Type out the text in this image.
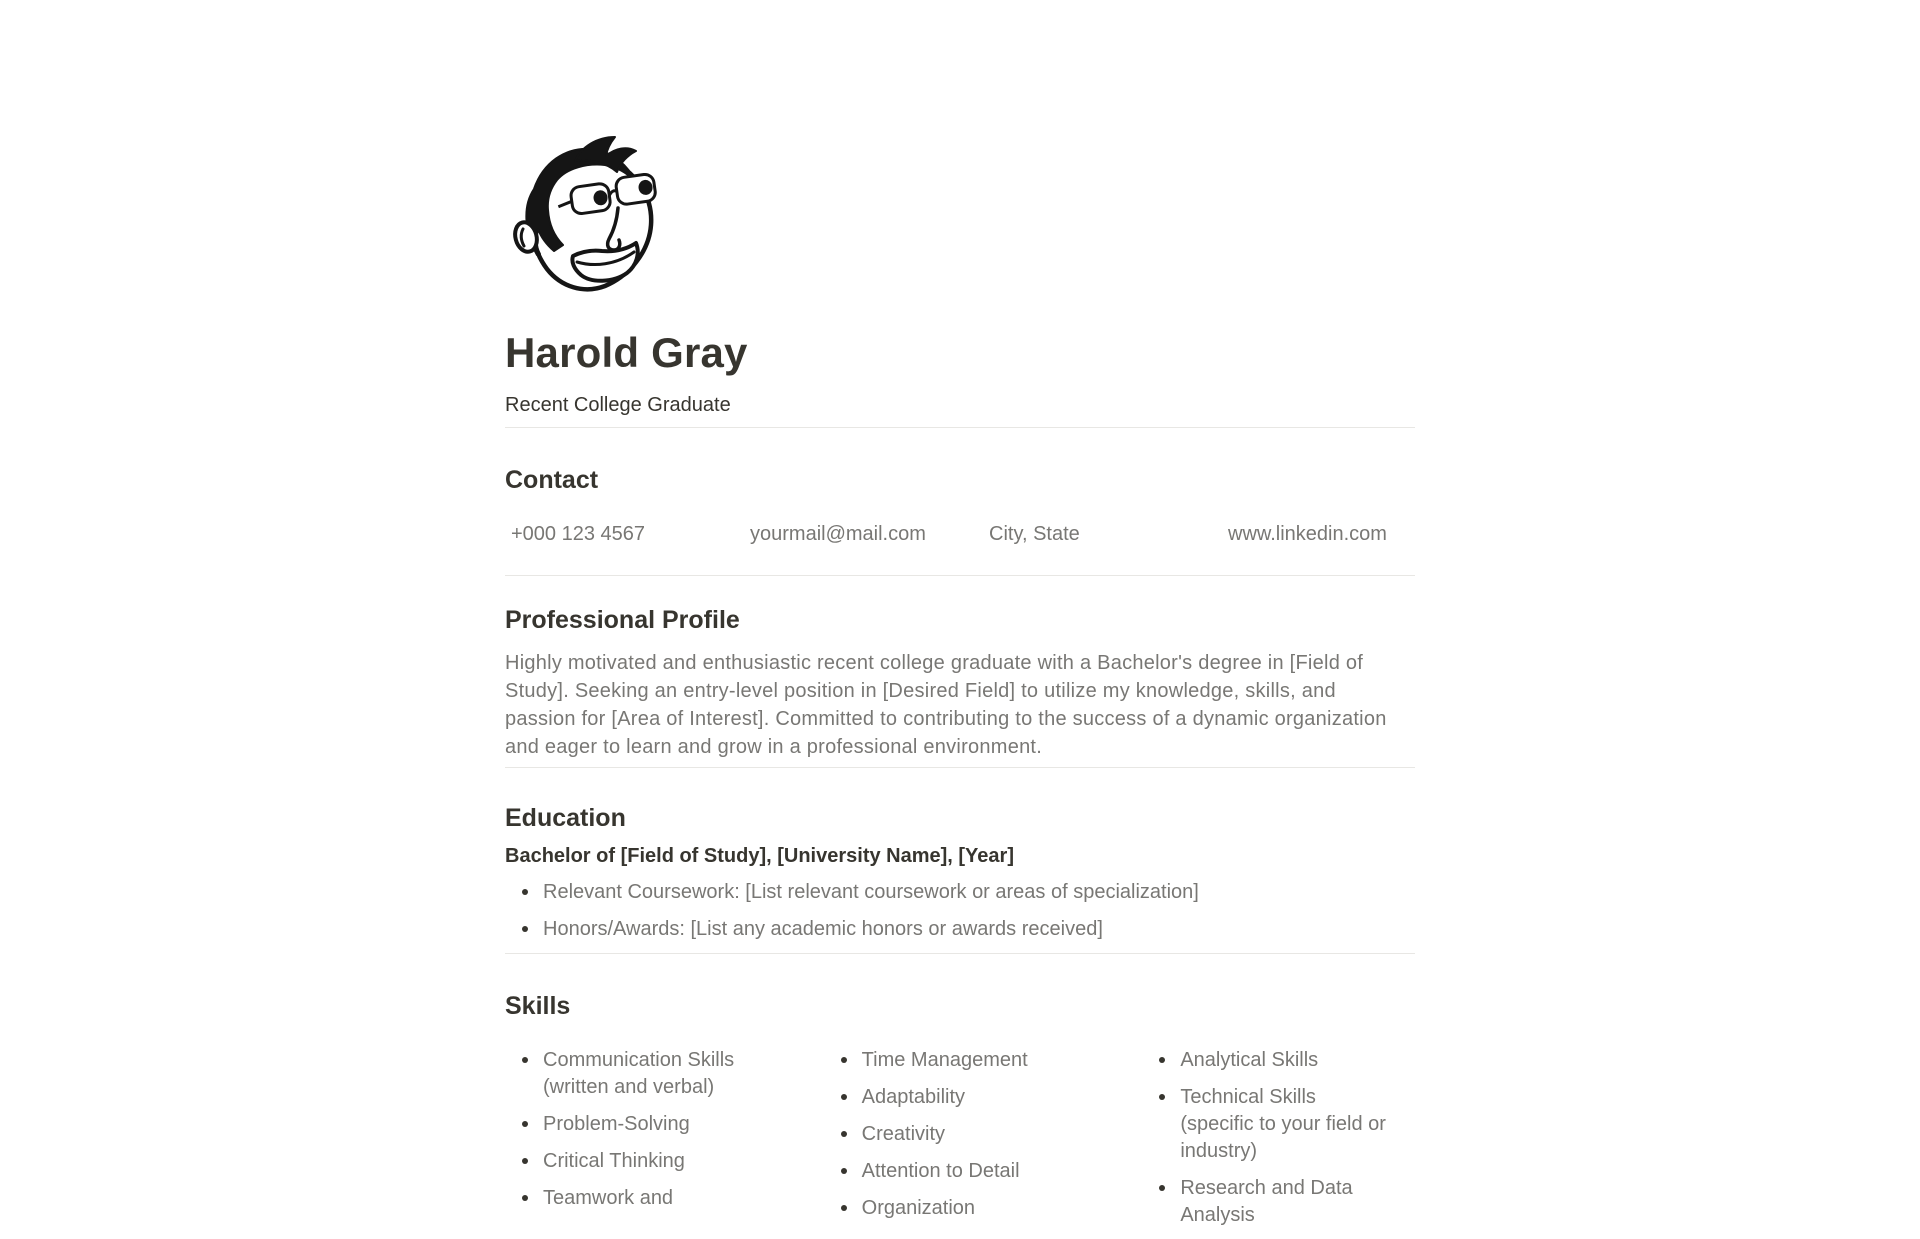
Harold Gray
Recent College Graduate
Contact
+000 123 4567	yourmail@mail.com	City, State	www.linkedin.com
Professional Profile

Highly motivated and enthusiastic recent college graduate with a Bachelor's degree in [Field of Study]. Seeking an entry-level position in [Desired Field] to utilize my knowledge, skills, and passion for [Area of Interest]. Committed to contributing to the success of a dynamic organization and eager to learn and grow in a professional environment.

Education

Bachelor of [Field of Study], [University Name], [Year]

Relevant Coursework: [List relevant coursework or areas of specialization]
Honors/Awards: [List any academic honors or awards received]
Skills
Communication Skills (written and verbal)
Problem-Solving
Critical Thinking
Teamwork and
Time Management
Adaptability
Creativity
Attention to Detail
Organization
Analytical Skills
Technical Skills (specific to your field or industry)
Research and Data Analysis
